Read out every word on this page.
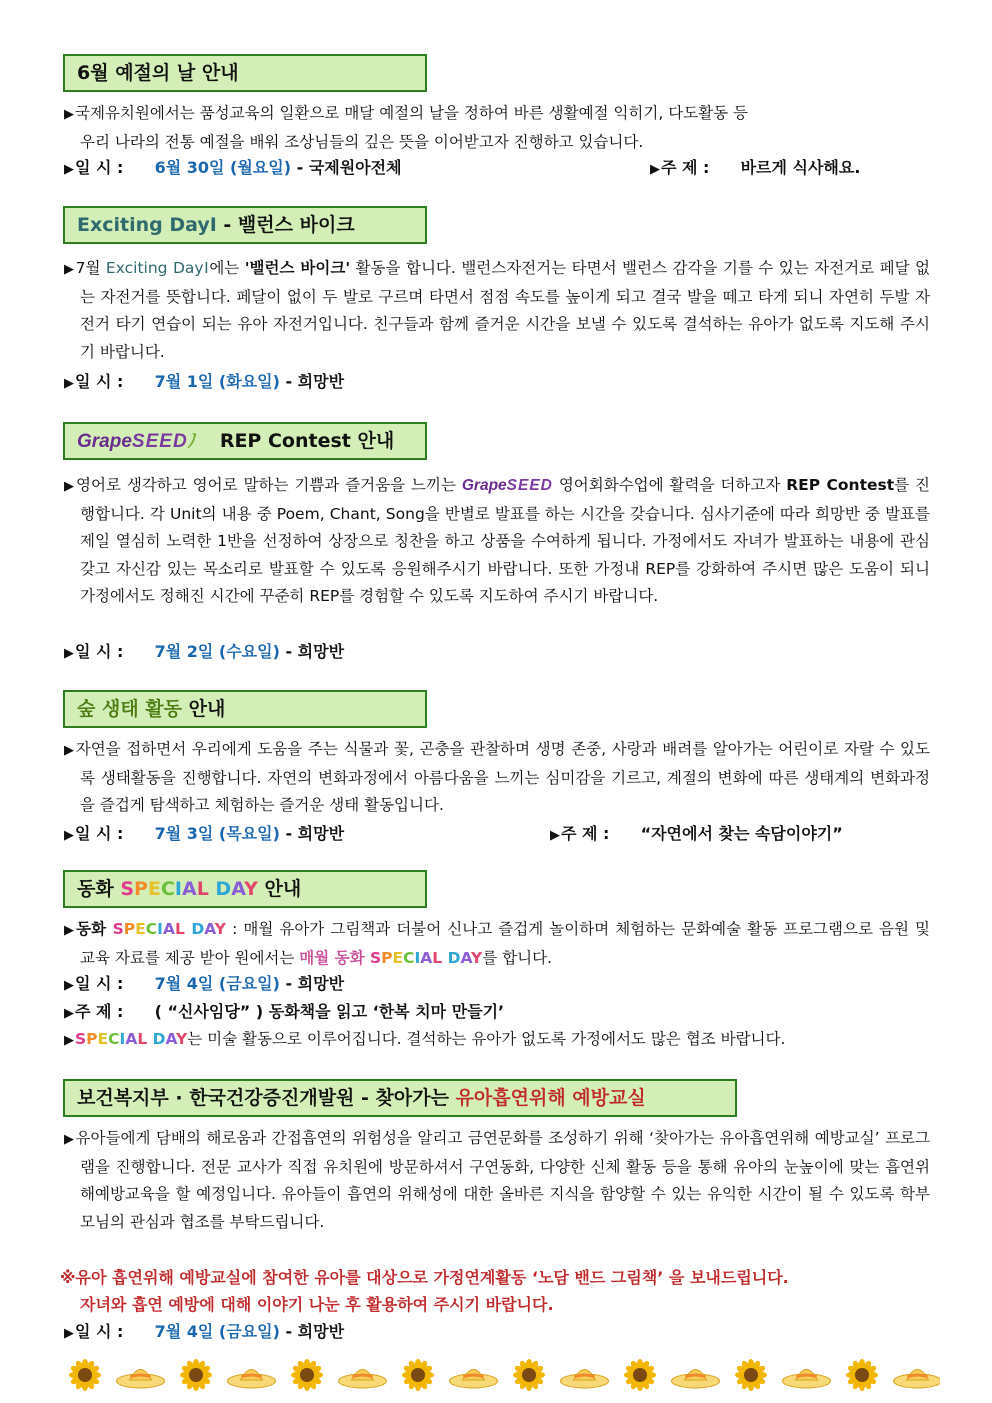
6월 예절의 날 안내
▶국제유치원에서는 품성교육의 일환으로 매달 예절의 날을 정하여 바른 생활예절 익히기, 다도활동 등

우리 나라의 전통 예절을 배워 조상님들의 깊은 뜻을 이어받고자 진행하고 있습니다.
▶일 시 : 6월 30일 (월요일) - 국제원아전체	▶주 제 : 바르게 식사해요.
Exciting DayⅠ - 밸런스 바이크
▶7월 Exciting DayⅠ에는 '밸런스 바이크' 활동을 합니다. 밸런스자전거는 타면서 밸런스 감각을 기를 수 있는 자전거로 페달 없는 자전거를 뜻합니다. 페달이 없이 두 발로 구르며 타면서 점점 속도를 높이게 되고 결국 발을 떼고 타게 되니 자연히 두발 자전거 타기 연습이 되는 유아 자전거입니다. 친구들과 함께 즐거운 시간을 보낼 수 있도록 결석하는 유아가 없도록 지도해 주시기 바랍니다.
▶일 시 : 7월 1일 (화요일) - 희망반
GrapeSEEDﾉ REP Contest 안내
▶영어로 생각하고 영어로 말하는 기쁨과 즐거움을 느끼는 GrapeSEED 영어회화수업에 활력을 더하고자 REP Contest를 진행합니다. 각 Unit의 내용 중 Poem, Chant, Song을 반별로 발표를 하는 시간을 갖습니다. 심사기준에 따라 희망반 중 발표를 제일 열심히 노력한 1반을 선정하여 상장으로 칭찬을 하고 상품을 수여하게 됩니다. 가정에서도 자녀가 발표하는 내용에 관심 갖고 자신감 있는 목소리로 발표할 수 있도록 응원해주시기 바랍니다. 또한 가정내 REP를 강화하여 주시면 많은 도움이 되니 가정에서도 정해진 시간에 꾸준히 REP를 경험할 수 있도록 지도하여 주시기 바랍니다.
▶일 시 : 7월 2일 (수요일) - 희망반
숲 생태 활동 안내
▶자연을 접하면서 우리에게 도움을 주는 식물과 꽃, 곤충을 관찰하며 생명 존중, 사랑과 배려를 알아가는 어린이로 자랄 수 있도록 생태활동을 진행합니다. 자연의 변화과정에서 아름다움을 느끼는 심미감을 기르고, 계절의 변화에 따른 생태계의 변화과정을 즐겁게 탐색하고 체험하는 즐거운 생태 활동입니다.
▶일 시 : 7월 3일 (목요일) - 희망반	▶주 제 : “자연에서 찾는 속담이야기”
동화 SPECIAL DAY 안내
▶동화 SPECIAL DAY : 매월 유아가 그림책과 더불어 신나고 즐겁게 놀이하며 체험하는 문화예술 활동 프로그램으로 음원 및 교육 자료를 제공 받아 원에서는 매월 동화 SPECIAL DAY를 합니다.
▶일 시 : 7월 4일 (금요일) - 희망반
▶주 제 : ( “신사임당” ) 동화책을 읽고 ‘한복 치마 만들기’
▶SPECIAL DAY는 미술 활동으로 이루어집니다. 결석하는 유아가 없도록 가정에서도 많은 협조 바랍니다.
보건복지부 · 한국건강증진개발원 - 찾아가는 유아흡연위해 예방교실
▶유아들에게 담배의 해로움과 간접흡연의 위험성을 알리고 금연문화를 조성하기 위해 ‘찾아가는 유아흡연위해 예방교실’ 프로그램을 진행합니다. 전문 교사가 직접 유치원에 방문하셔서 구연동화, 다양한 신체 활동 등을 통해 유아의 눈높이에 맞는 흡연위해예방교육을 할 예정입니다. 유아들이 흡연의 위해성에 대한 올바른 지식을 함양할 수 있는 유익한 시간이 될 수 있도록 학부모님의 관심과 협조를 부탁드립니다.
※유아 흡연위해 예방교실에 참여한 유아를 대상으로 가정연계활동 ‘노담 밴드 그림책’ 을 보내드립니다.
자녀와 흡연 예방에 대해 이야기 나눈 후 활용하여 주시기 바랍니다.
▶일 시 : 7월 4일 (금요일) - 희망반
